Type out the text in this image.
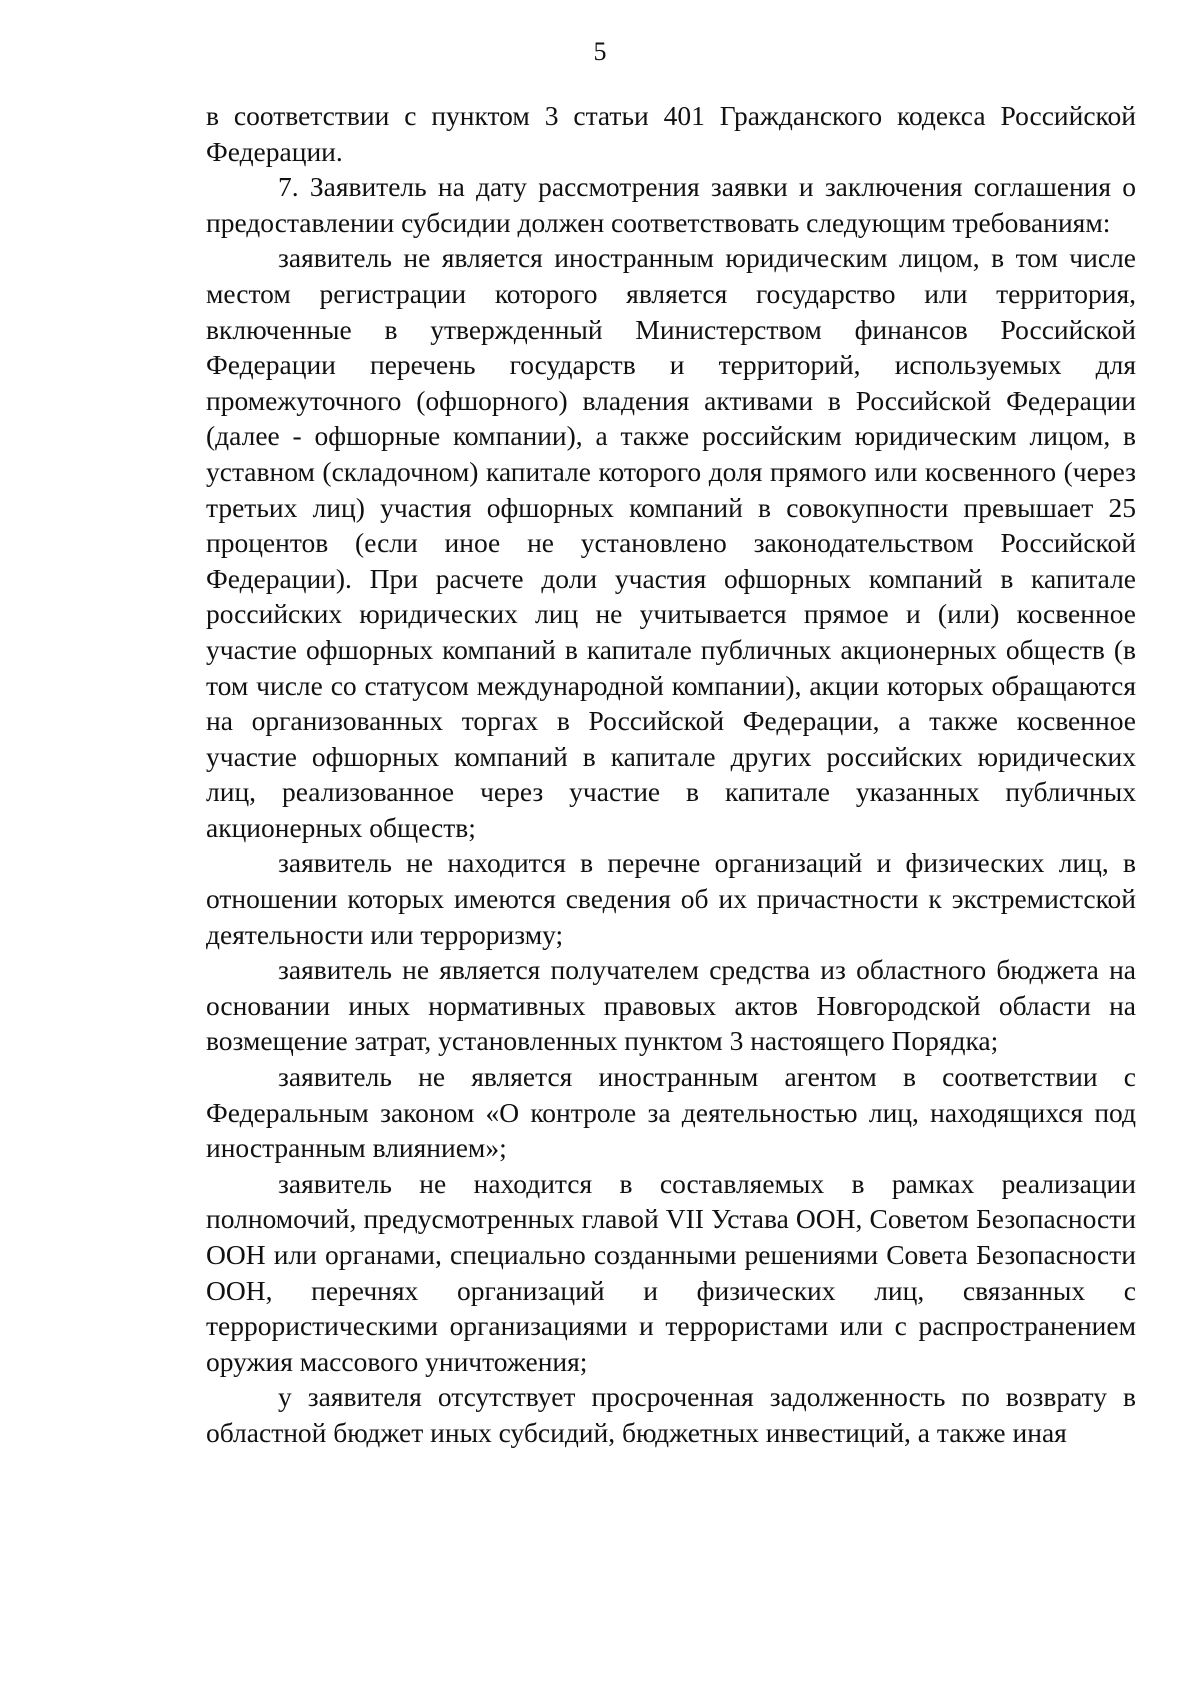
5

в соответствии с пунктом 3 статьи 401 Гражданского кодекса Российской Федерации.

7. Заявитель на дату рассмотрения заявки и заключения соглашения о предоставлении субсидии должен соответствовать следующим требованиям:

заявитель не является иностранным юридическим лицом, в том числе местом регистрации которого является государство или территория, включенные в утвержденный Министерством финансов Российской Федерации перечень государств и территорий, используемых для промежуточного (офшорного) владения активами в Российской Федерации (далее - офшорные компании), а также российским юридическим лицом, в уставном (складочном) капитале которого доля прямого или косвенного (через третьих лиц) участия офшорных компаний в совокупности превышает 25 процентов (если иное не установлено законодательством Российской Федерации). При расчете доли участия офшорных компаний в капитале российских юридических лиц не учитывается прямое и (или) косвенное участие офшорных компаний в капитале публичных акционерных обществ (в том числе со статусом международной компании), акции которых обращаются на организованных торгах в Российской Федерации, а также косвенное участие офшорных компаний в капитале других российских юридических лиц, реализованное через участие в капитале указанных публичных акционерных обществ;

заявитель не находится в перечне организаций и физических лиц, в отношении которых имеются сведения об их причастности к экстремистской деятельности или терроризму;

заявитель не является получателем средства из областного бюджета на основании иных нормативных правовых актов Новгородской области на возмещение затрат, установленных пунктом 3 настоящего Порядка;

заявитель не является иностранным агентом в соответствии с Федеральным законом «О контроле за деятельностью лиц, находящихся под иностранным влиянием»;

заявитель не находится в составляемых в рамках реализации полномочий, предусмотренных главой VII Устава ООН, Советом Безопасности ООН или органами, специально созданными решениями Совета Безопасности ООН, перечнях организаций и физических лиц, связанных с террористическими организациями и террористами или с распространением оружия массового уничтожения;

у заявителя отсутствует просроченная задолженность по возврату в областной бюджет иных субсидий, бюджетных инвестиций, а также иная
